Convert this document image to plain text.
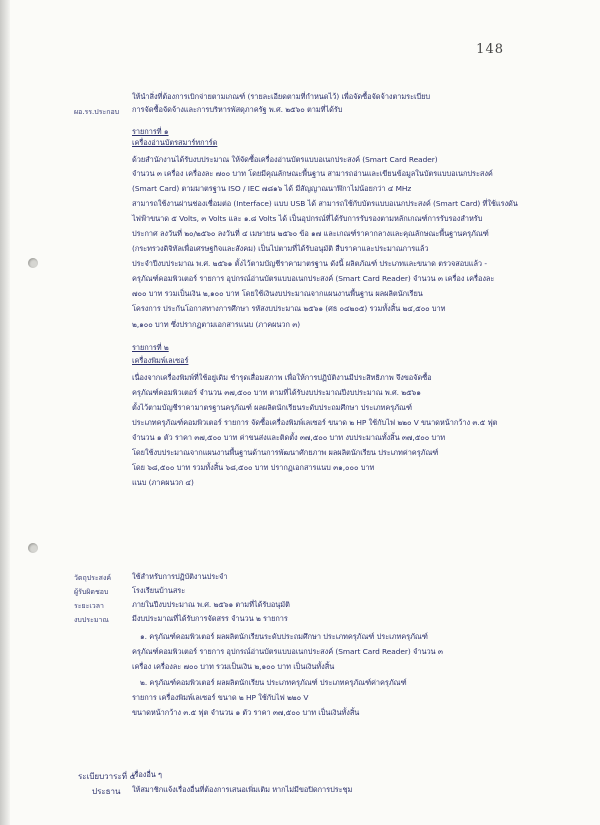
148
ให้นำสิ่งที่ต้องการเบิกจ่ายตามเกณฑ์ (รายละเอียดตามที่กำหนดไว้) เพื่อจัดซื้อจัดจ้างตามระเบียบ
ผอ.รร.ประกอบ การจัดซื้อจัดจ้างและการบริหารพัสดุภาครัฐ พ.ศ. ๒๕๖๐ ตามที่ได้รับ
รายการที่ ๑
เครื่องอ่านบัตรสมาร์ทการ์ด
ด้วยสำนักงานได้รับงบประมาณ ให้จัดซื้อเครื่องอ่านบัตรแบบอเนกประสงค์ (Smart Card Reader)
จำนวน ๓ เครื่อง เครื่องละ ๗๐๐ บาท โดยมีคุณลักษณะพื้นฐาน สามารถอ่านและเขียนข้อมูลในบัตรแบบอเนกประสงค์
(Smart Card) ตามมาตรฐาน ISO / IEC ๗๘๑๖ ได้ มีสัญญาณนาฬิกาไม่น้อยกว่า ๔ MHz
สามารถใช้งานผ่านช่องเชื่อมต่อ (Interface) แบบ USB ได้ สามารถใช้กับบัตรแบบอเนกประสงค์ (Smart Card) ที่ใช้แรงดัน
ไฟฟ้าขนาด ๕ Volts, ๓ Volts และ ๑.๘ Volts ได้ เป็นอุปกรณ์ที่ได้รับการรับรองตามหลักเกณฑ์การรับรองสำหรับ
ประกาศ ลงวันที่ ๒๐/๒๕๖๐ ลงวันที่ ๔ เมษายน ๒๕๖๐ ข้อ ๑๗ และเกณฑ์ราคากลางและคุณลักษณะพื้นฐานครุภัณฑ์
(กระทรวงดิจิทัลเพื่อเศรษฐกิจและสังคม) เป็นไปตามที่ได้รับอนุมัติ สืบราคาและประมาณการแล้ว
ประจำปีงบประมาณ พ.ศ. ๒๕๖๑ ตั้งไว้ตามบัญชีราคามาตรฐาน ดังนี้ ผลิตภัณฑ์ ประเภทและขนาด ตรวจสอบแล้ว -
ครุภัณฑ์คอมพิวเตอร์ รายการ อุปกรณ์อ่านบัตรแบบอเนกประสงค์ (Smart Card Reader) จำนวน ๓ เครื่อง เครื่องละ
๗๐๐ บาท รวมเป็นเงิน ๒,๑๐๐ บาท โดยใช้เงินงบประมาณจากแผนงานพื้นฐาน ผลผลิตนักเรียน
โครงการ ประกันโอกาสทางการศึกษา รหัสงบประมาณ ๒๕๖๑ (ศธ ๐๔๒๐๕) รวมทั้งสิ้น ๒๔,๕๐๐ บาท
๒,๑๐๐ บาท ซึ่งปรากฏตามเอกสารแนบ (ภาคผนวก ๓)
รายการที่ ๒
เครื่องพิมพ์เลเซอร์
เนื่องจากเครื่องพิมพ์ที่ใช้อยู่เดิม ชำรุดเสื่อมสภาพ เพื่อให้การปฏิบัติงานมีประสิทธิภาพ จึงขอจัดซื้อ
ครุภัณฑ์คอมพิวเตอร์ จำนวน ๓๗,๕๐๐ บาท ตามที่ได้รับงบประมาณปีงบประมาณ พ.ศ. ๒๕๖๑
ตั้งไว้ตามบัญชีราคามาตรฐานครุภัณฑ์ ผลผลิตนักเรียนระดับประถมศึกษา ประเภทครุภัณฑ์
ประเภทครุภัณฑ์คอมพิวเตอร์ รายการ จัดซื้อเครื่องพิมพ์เลเซอร์ ขนาด ๒ HP ใช้กับไฟ ๒๒๐ V ขนาดหน้ากว้าง ๓.๕ ฟุต
จำนวน ๑ ตัว ราคา ๓๗,๕๐๐ บาท ค่าขนส่งและติดตั้ง ๓๗,๕๐๐ บาท งบประมาณทั้งสิ้น ๓๗,๕๐๐ บาท
โดยใช้งบประมาณจากแผนงานพื้นฐานด้านการพัฒนาศักยภาพ ผลผลิตนักเรียน ประเภทค่าครุภัณฑ์
โดย ๖๘,๕๐๐ บาท รวมทั้งสิ้น ๖๘,๕๐๐ บาท ปรากฏเอกสารแนบ ๓๑,๐๐๐ บาท
แนบ (ภาคผนวก ๔)
วัตถุประสงค์	ใช้สำหรับการปฏิบัติงานประจำ
ผู้รับผิดชอบ	โรงเรียนบ้านสระ
ระยะเวลา	ภายในปีงบประมาณ พ.ศ. ๒๕๖๑ ตามที่ได้รับอนุมัติ
งบประมาณ	มีงบประมาณที่ได้รับการจัดสรร จำนวน ๒ รายการ
๑. ครุภัณฑ์คอมพิวเตอร์ ผลผลิตนักเรียนระดับประถมศึกษา ประเภทครุภัณฑ์ ประเภทครุภัณฑ์
ครุภัณฑ์คอมพิวเตอร์ รายการ อุปกรณ์อ่านบัตรแบบอเนกประสงค์ (Smart Card Reader) จำนวน ๓
เครื่อง เครื่องละ ๗๐๐ บาท รวมเป็นเงิน ๒,๑๐๐ บาท เป็นเงินทั้งสิ้น
๒. ครุภัณฑ์คอมพิวเตอร์ ผลผลิตนักเรียน ประเภทครุภัณฑ์ ประเภทครุภัณฑ์ค่าครุภัณฑ์
รายการ เครื่องพิมพ์เลเซอร์ ขนาด ๒ HP ใช้กับไฟ ๒๒๐ V
ขนาดหน้ากว้าง ๓.๕ ฟุต จำนวน ๑ ตัว ราคา ๓๗,๕๐๐ บาท เป็นเงินทั้งสิ้น
ระเบียบวาระที่ ๕
เรื่องอื่น ๆ
ประธาน ให้สมาชิกแจ้งเรื่องอื่นที่ต้องการเสนอเพิ่มเติม หากไม่มีขอปิดการประชุม
